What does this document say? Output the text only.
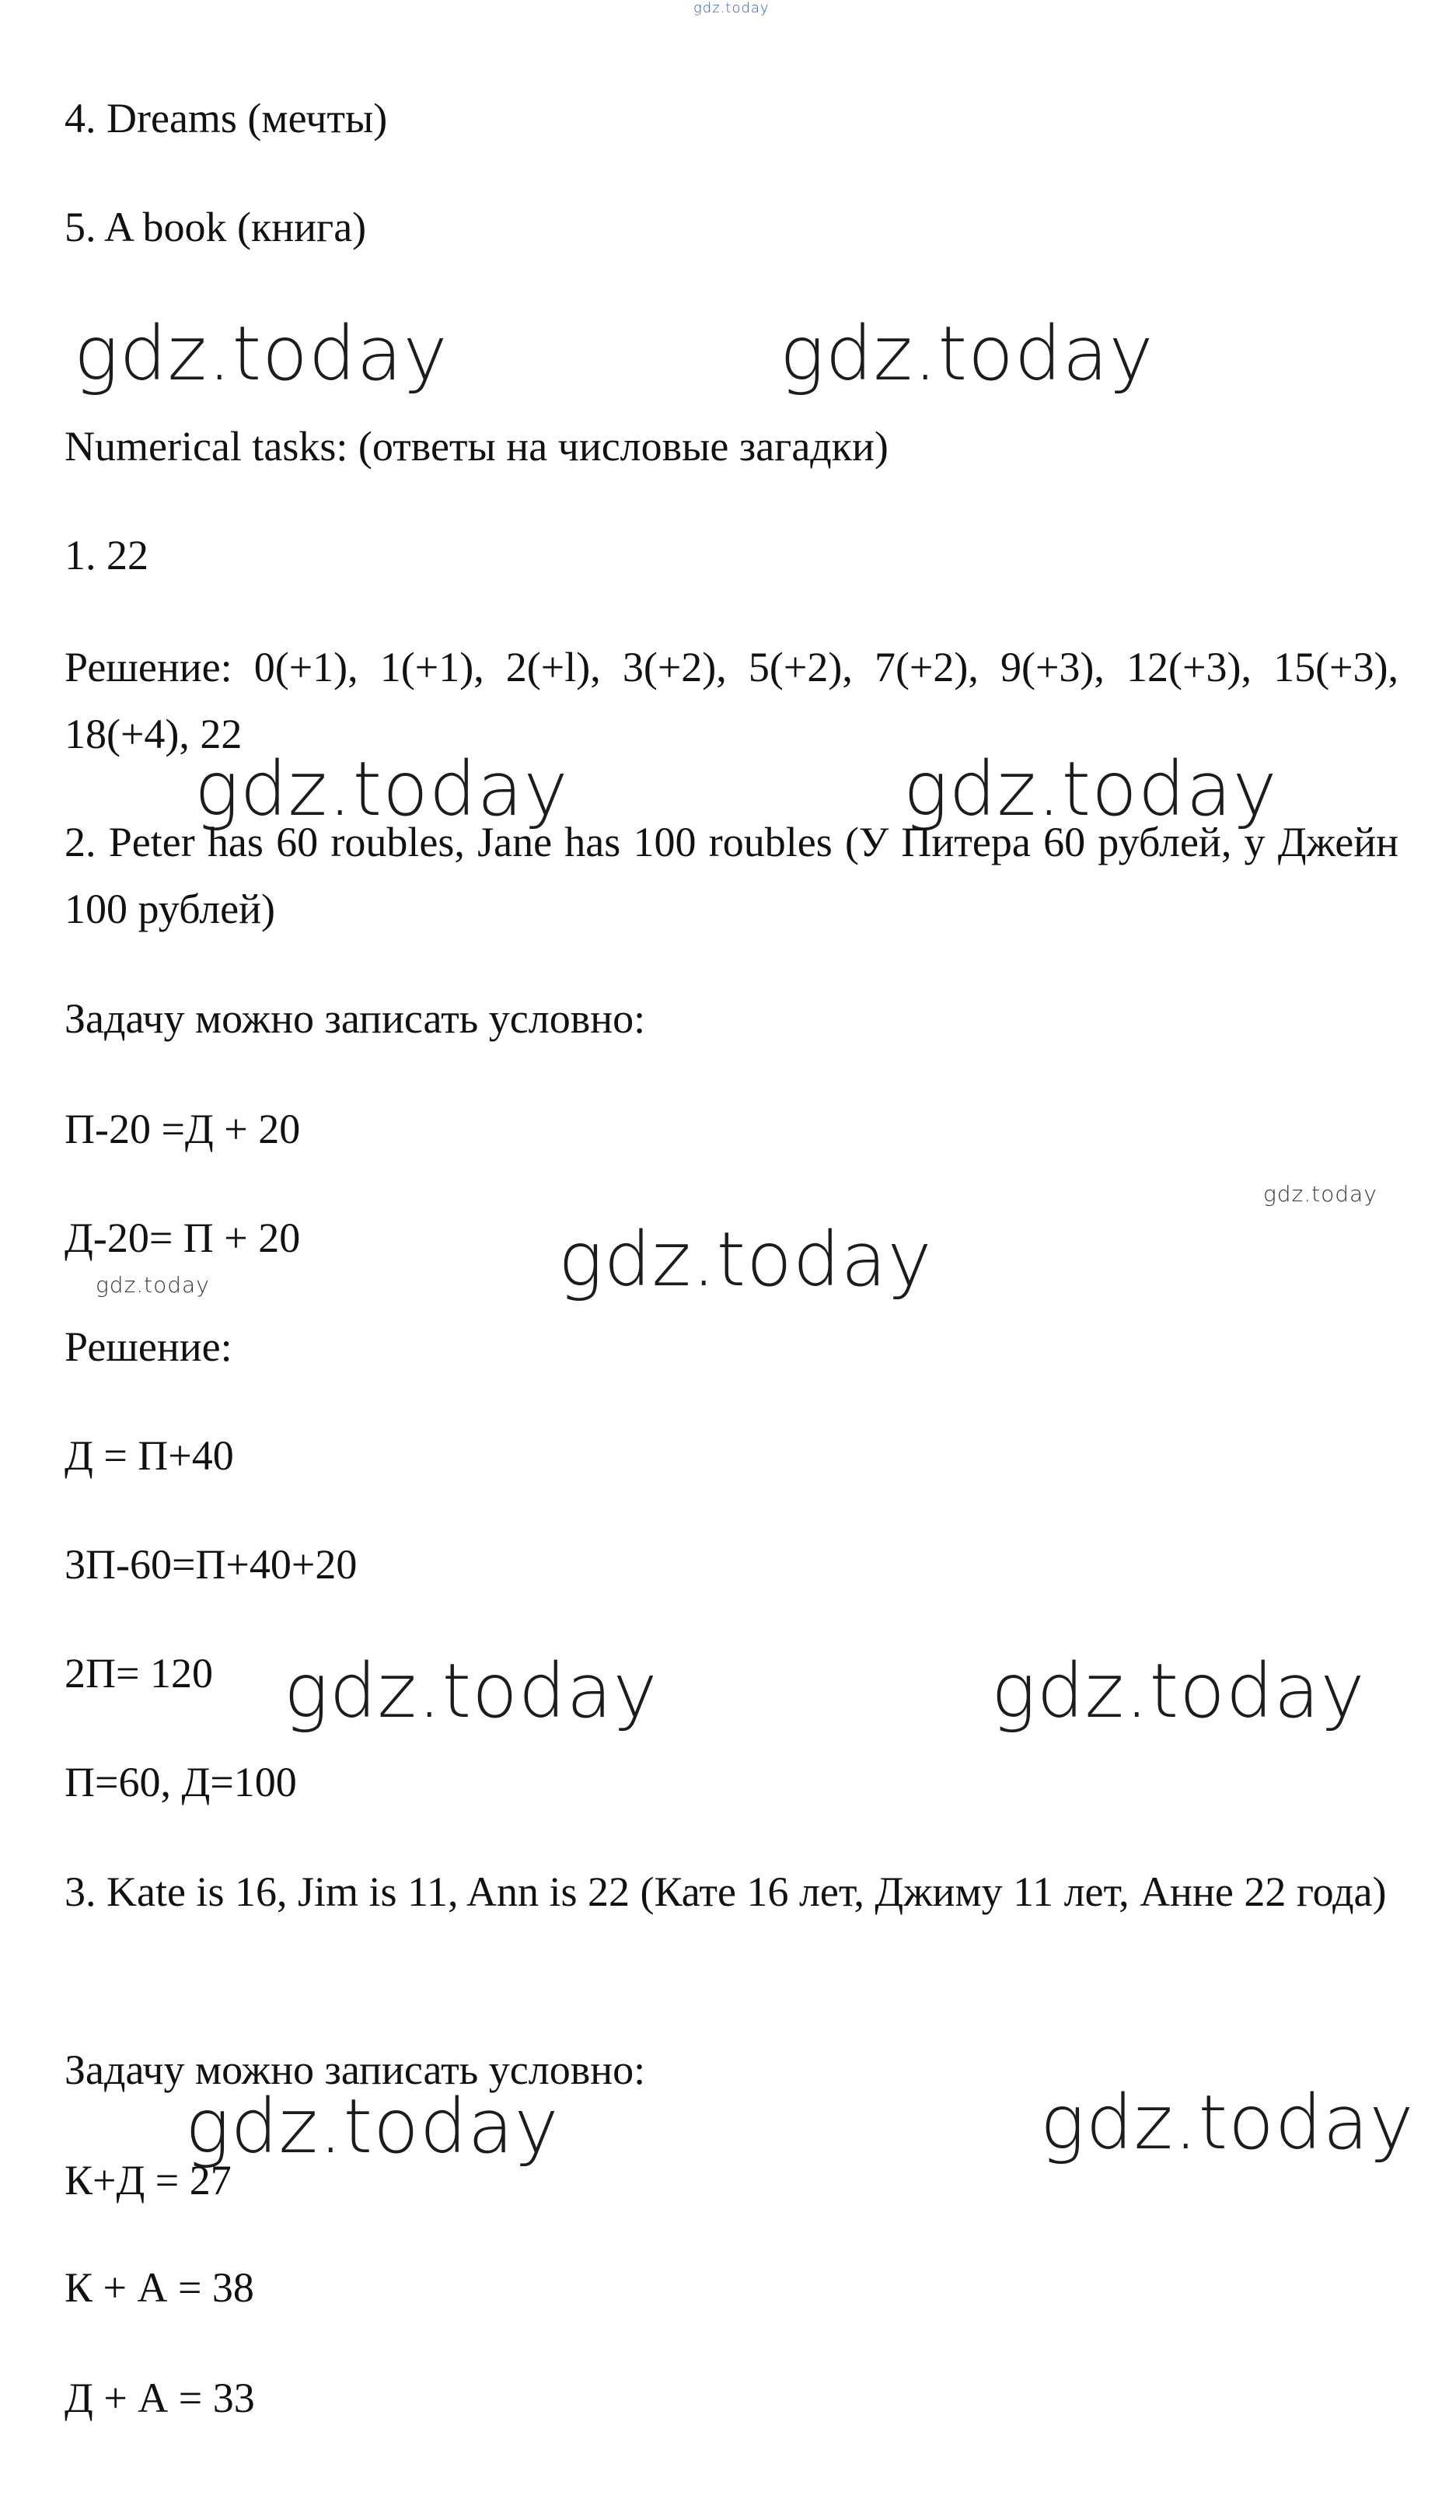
gdz.today

4. Dreams (мечты)

5. A book (книга)

gdz.today	gdz.today

Numerical tasks: (ответы на числовые загадки)

1. 22

Решение: 0(+1), 1(+1), 2(+l), 3(+2), 5(+2), 7(+2), 9(+3), 12(+3), 15(+3), 18(+4), 22

gdz.today	gdz.today

2. Peter has 60 roubles, Jane has 100 roubles (У Питера 60 рублей, у Джейн 100 рублей)

Задачу можно записать условно:

П-20 =Д + 20

gdz.today

Д-20= П + 20	gdz.today
gdz.today

Решение:

Д = П+40

3П-60=П+40+20

2П= 120 gdz.today	gdz.today

П=60, Д=100

3. Kate is 16, Jim is 11, Ann is 22 (Кате 16 лет, Джиму 11 лет, Анне 22 года)

Задачу можно записать условно:

gdz.today	gdz.today

К+Д = 27

К + А = 38

Д + А = 33
